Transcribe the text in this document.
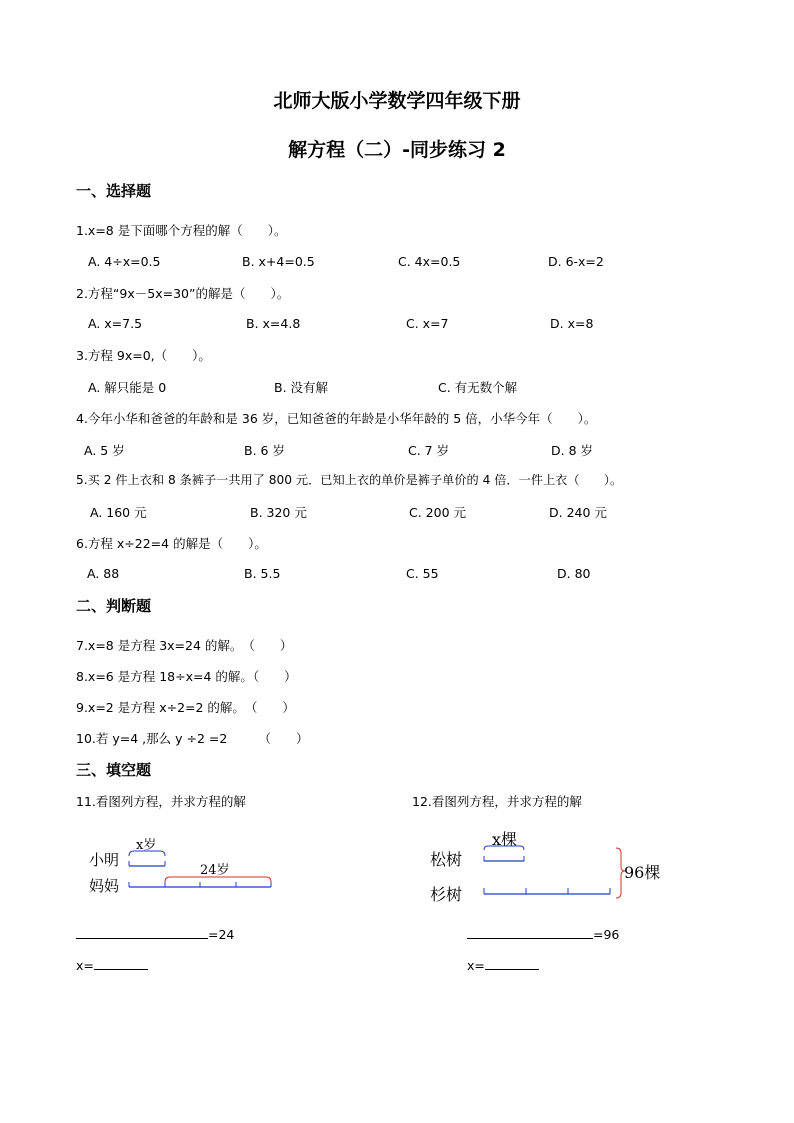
北师大版小学数学四年级下册
解方程（二）-同步练习 2
一、选择题
1.x=8 是下面哪个方程的解（　　）。
A. 4÷x=0.5	B. x+4=0.5	C. 4x=0.5	D. 6-x=2
2.方程“9x－5x=30”的解是（　　）。
A. x=7.5	B. x=4.8	C. x=7	D. x=8
3.方程 9x=0,（　　）。
A. 解只能是 0	B. 没有解	C. 有无数个解
4.今年小华和爸爸的年龄和是 36 岁，已知爸爸的年龄是小华年龄的 5 倍，小华今年（　　）。
A. 5 岁	B. 6 岁	C. 7 岁	D. 8 岁
5.买 2 件上衣和 8 条裤子一共用了 800 元．已知上衣的单价是裤子单价的 4 倍．一件上衣（　　）。
A. 160 元	B. 320 元	C. 200 元	D. 240 元
6.方程 x÷22=4 的解是（　　）。
A. 88	B. 5.5	C. 55	D. 80
二、判断题
7.x=8 是方程 3x=24 的解。　（　　）
8.x=6 是方程 18÷x=4 的解。（　　）
9.x=2 是方程 x÷2=2 的解。　（　　）
10.若 y=4 ,那么 y ÷2 =2　　　（　　）
三、填空题
11.看图列方程，并求方程的解	12.看图列方程，并求方程的解
小明
妈妈
x岁
24岁
松树
杉树
x棵
96棵
=24
x=
=96
x=
